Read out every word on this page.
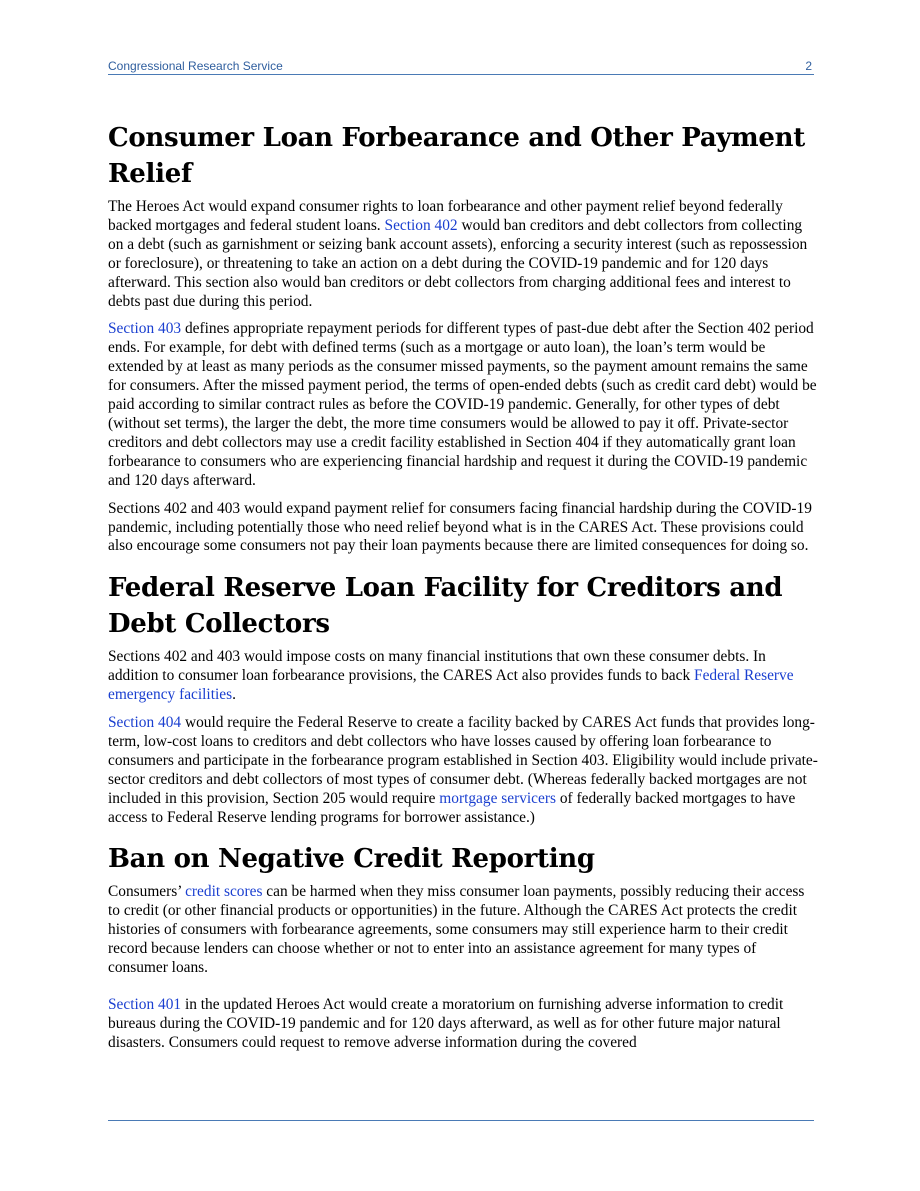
Congressional Research Service	2
Consumer Loan Forbearance and Other Payment Relief

The Heroes Act would expand consumer rights to loan forbearance and other payment relief beyond federally backed mortgages and federal student loans. Section 402 would ban creditors and debt collectors from collecting on a debt (such as garnishment or seizing bank account assets), enforcing a security interest (such as repossession or foreclosure), or threatening to take an action on a debt during the COVID-19 pandemic and for 120 days afterward. This section also would ban creditors or debt collectors from charging additional fees and interest to debts past due during this period.

Section 403 defines appropriate repayment periods for different types of past-due debt after the Section 402 period ends. For example, for debt with defined terms (such as a mortgage or auto loan), the loan’s term would be extended by at least as many periods as the consumer missed payments, so the payment amount remains the same for consumers. After the missed payment period, the terms of open-ended debts (such as credit card debt) would be paid according to similar contract rules as before the COVID-19 pandemic. Generally, for other types of debt (without set terms), the larger the debt, the more time consumers would be allowed to pay it off. Private-sector creditors and debt collectors may use a credit facility established in Section 404 if they automatically grant loan forbearance to consumers who are experiencing financial hardship and request it during the COVID-19 pandemic and 120 days afterward.

Sections 402 and 403 would expand payment relief for consumers facing financial hardship during the COVID-19 pandemic, including potentially those who need relief beyond what is in the CARES Act. These provisions could also encourage some consumers not pay their loan payments because there are limited consequences for doing so.

Federal Reserve Loan Facility for Creditors and Debt Collectors

Sections 402 and 403 would impose costs on many financial institutions that own these consumer debts. In addition to consumer loan forbearance provisions, the CARES Act also provides funds to back Federal Reserve emergency facilities.

Section 404 would require the Federal Reserve to create a facility backed by CARES Act funds that provides long-term, low-cost loans to creditors and debt collectors who have losses caused by offering loan forbearance to consumers and participate in the forbearance program established in Section 403. Eligibility would include private-sector creditors and debt collectors of most types of consumer debt. (Whereas federally backed mortgages are not included in this provision, Section 205 would require mortgage servicers of federally backed mortgages to have access to Federal Reserve lending programs for borrower assistance.)

Ban on Negative Credit Reporting

Consumers’ credit scores can be harmed when they miss consumer loan payments, possibly reducing their access to credit (or other financial products or opportunities) in the future. Although the CARES Act protects the credit histories of consumers with forbearance agreements, some consumers may still experience harm to their credit record because lenders can choose whether or not to enter into an assistance agreement for many types of consumer loans.

Section 401 in the updated Heroes Act would create a moratorium on furnishing adverse information to credit bureaus during the COVID-19 pandemic and for 120 days afterward, as well as for other future major natural disasters. Consumers could request to remove adverse information during the covered
